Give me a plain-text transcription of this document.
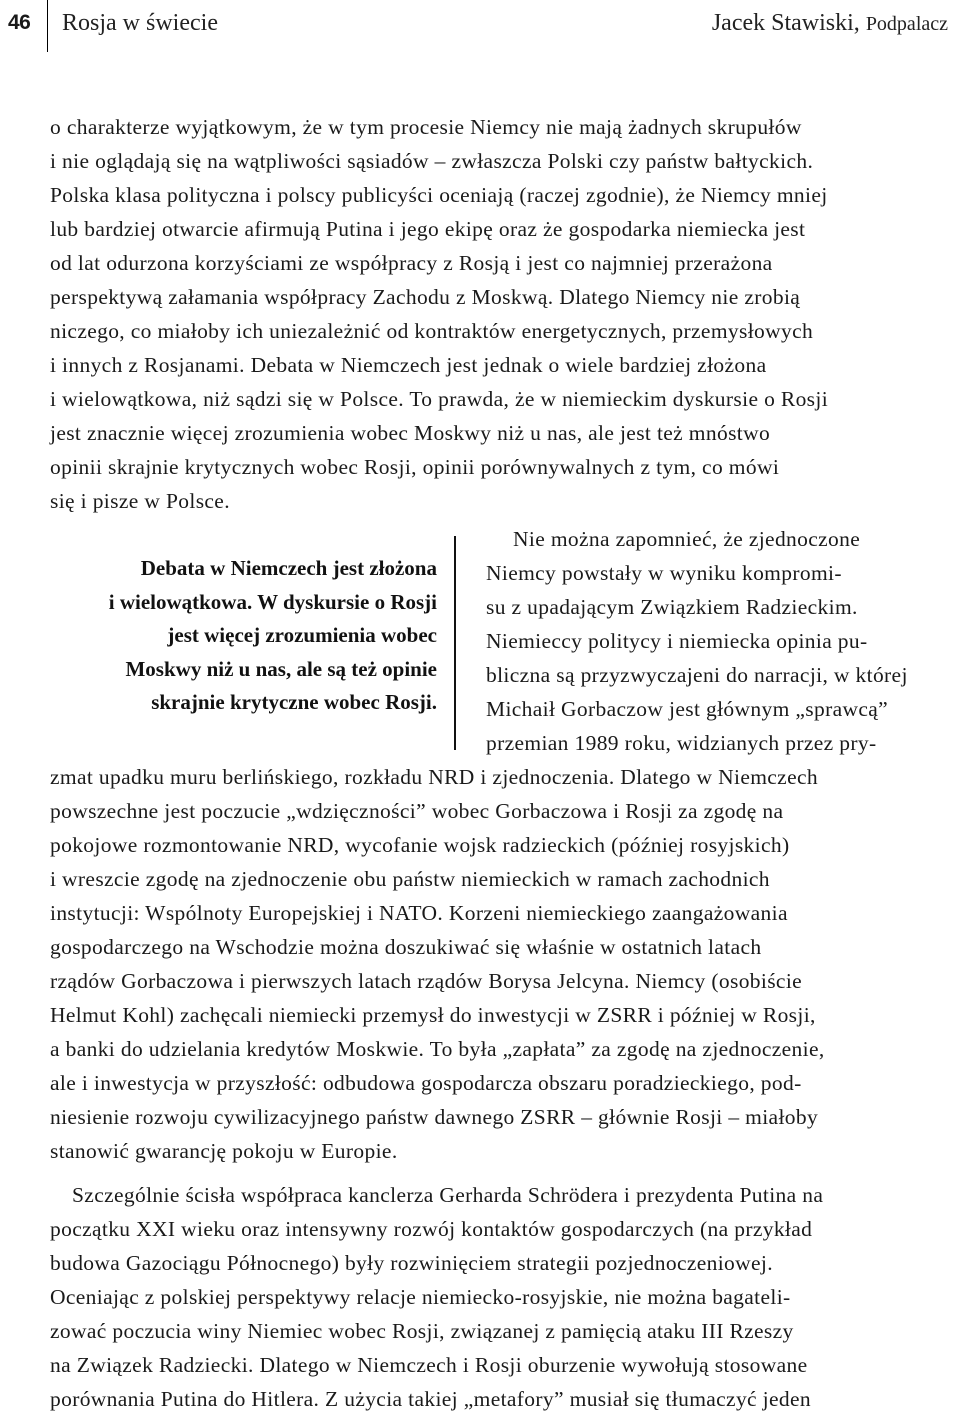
46	Rosja w świecie	Jacek Stawiski, Podpalacz
o charakterze wyjątkowym, że w tym procesie Niemcy nie mają żadnych skrupułów
i nie oglądają się na wątpliwości sąsiadów – zwłaszcza Polski czy państw bałtyckich.
Polska klasa polityczna i polscy publicyści oceniają (raczej zgodnie), że Niemcy mniej
lub bardziej otwarcie afirmują Putina i jego ekipę oraz że gospodarka niemiecka jest
od lat odurzona korzyściami ze współpracy z Rosją i jest co najmniej przerażona
perspektywą załamania współpracy Zachodu z Moskwą. Dlatego Niemcy nie zrobią
niczego, co miałoby ich uniezależnić od kontraktów energetycznych, przemysłowych
i innych z Rosjanami. Debata w Niemczech jest jednak o wiele bardziej złożona
i wielowątkowa, niż sądzi się w Polsce. To prawda, że w niemieckim dyskursie o Rosji
jest znacznie więcej zrozumienia wobec Moskwy niż u nas, ale jest też mnóstwo
opinii skrajnie krytycznych wobec Rosji, opinii porównywalnych z tym, co mówi
się i pisze w Polsce.
Debata w Niemczech jest złożona
i wielowątkowa. W dyskursie o Rosji
jest więcej zrozumienia wobec
Moskwy niż u nas, ale są też opinie
skrajnie krytyczne wobec Rosji.
Nie można zapomnieć, że zjednoczone
Niemcy powstały w wyniku kompromi-
su z upadającym Związkiem Radzieckim.
Niemieccy politycy i niemiecka opinia pu-
bliczna są przyzwyczajeni do narracji, w której
Michaił Gorbaczow jest głównym „sprawcą”
przemian 1989 roku, widzianych przez pry-
zmat upadku muru berlińskiego, rozkładu NRD i zjednoczenia. Dlatego w Niemczech
powszechne jest poczucie „wdzięczności” wobec Gorbaczowa i Rosji za zgodę na
pokojowe rozmontowanie NRD, wycofanie wojsk radzieckich (później rosyjskich)
i wreszcie zgodę na zjednoczenie obu państw niemieckich w ramach zachodnich
instytucji: Wspólnoty Europejskiej i NATO. Korzeni niemieckiego zaangażowania
gospodarczego na Wschodzie można doszukiwać się właśnie w ostatnich latach
rządów Gorbaczowa i pierwszych latach rządów Borysa Jelcyna. Niemcy (osobiście
Helmut Kohl) zachęcali niemiecki przemysł do inwestycji w ZSRR i później w Rosji,
a banki do udzielania kredytów Moskwie. To była „zapłata” za zgodę na zjednoczenie,
ale i inwestycja w przyszłość: odbudowa gospodarcza obszaru poradzieckiego, pod-
niesienie rozwoju cywilizacyjnego państw dawnego ZSRR – głównie Rosji – miałoby
stanowić gwarancję pokoju w Europie.
Szczególnie ścisła współpraca kanclerza Gerharda Schrödera i prezydenta Putina na
początku XXI wieku oraz intensywny rozwój kontaktów gospodarczych (na przykład
budowa Gazociągu Północnego) były rozwinięciem strategii pozjednoczeniowej.
Oceniając z polskiej perspektywy relacje niemiecko-rosyjskie, nie można bagateli-
zować poczucia winy Niemiec wobec Rosji, związanej z pamięcią ataku III Rzeszy
na Związek Radziecki. Dlatego w Niemczech i Rosji oburzenie wywołują stosowane
porównania Putina do Hitlera. Z użycia takiej „metafory” musiał się tłumaczyć jeden
